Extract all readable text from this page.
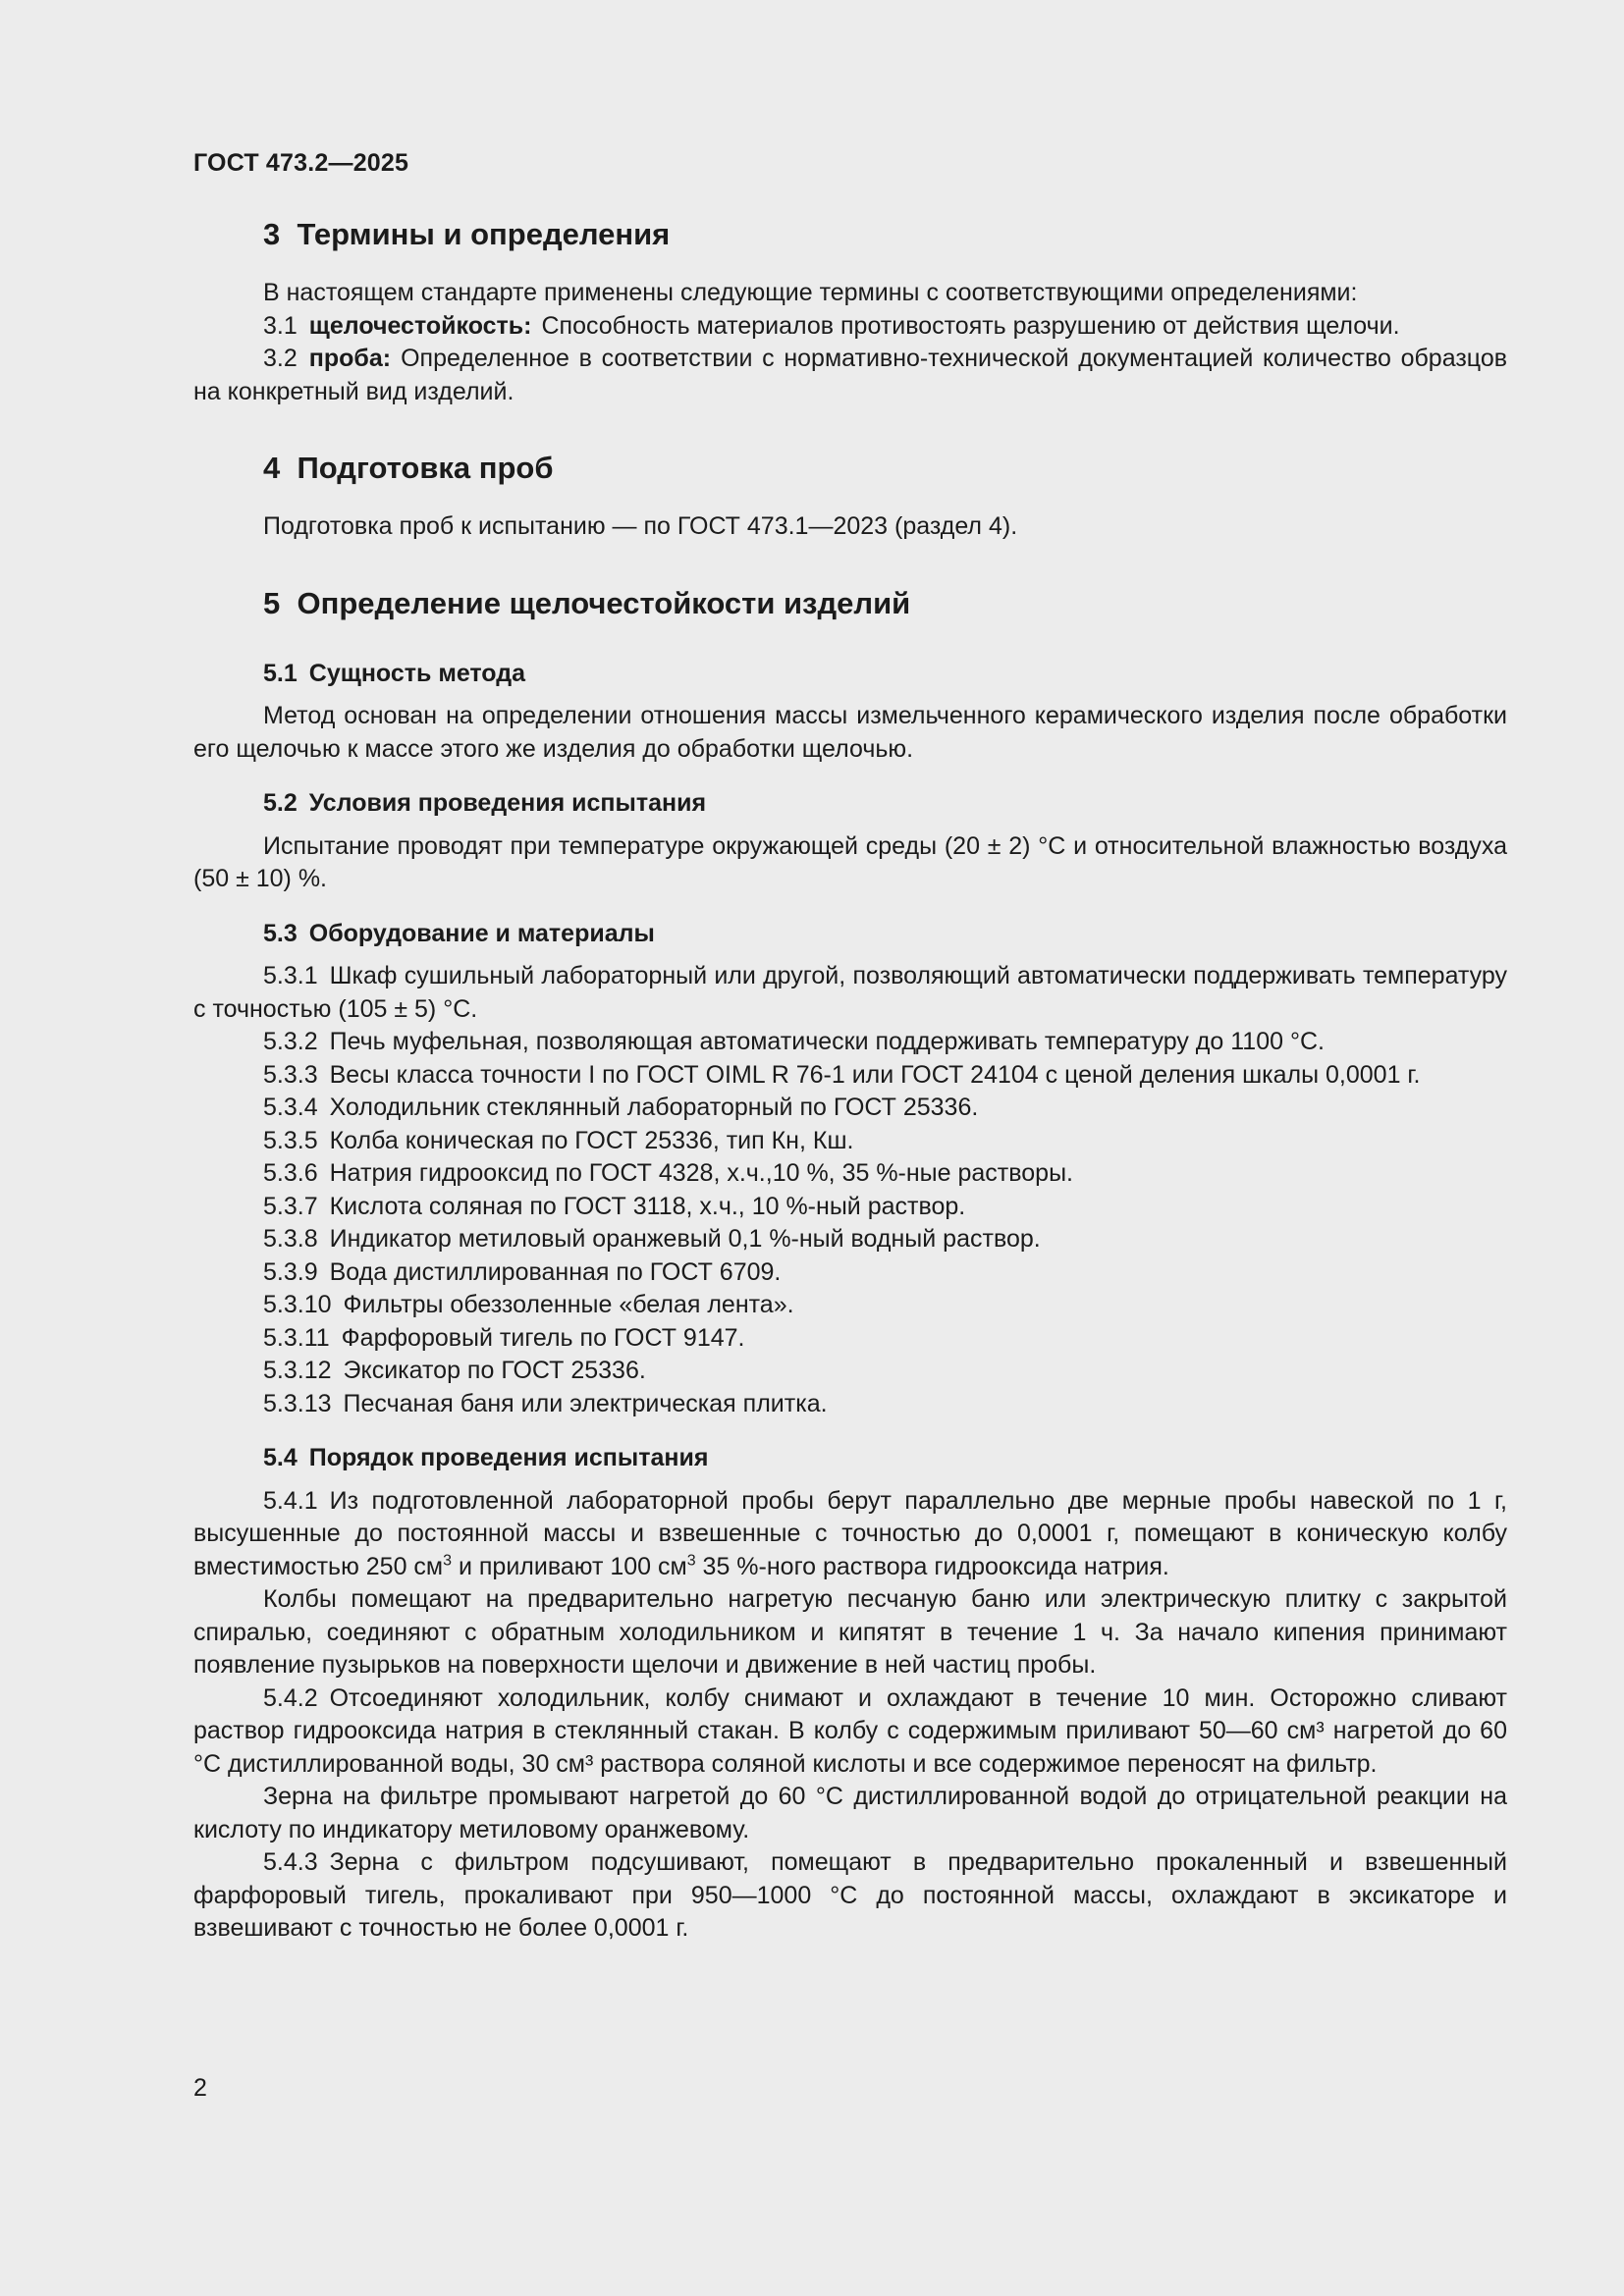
ГОСТ 473.2—2025
3 Термины и определения

В настоящем стандарте применены следующие термины с соответствующими определениями:

3.1 щелочестойкость: Способность материалов противостоять разрушению от действия щелочи.

3.2 проба: Определенное в соответствии с нормативно-технической документацией количество образцов на конкретный вид изделий.

4 Подготовка проб

Подготовка проб к испытанию — по ГОСТ 473.1—2023 (раздел 4).

5 Определение щелочестойкости изделий
5.1 Сущность метода

Метод основан на определении отношения массы измельченного керамического изделия после обработки его щелочью к массе этого же изделия до обработки щелочью.

5.2 Условия проведения испытания

Испытание проводят при температуре окружающей среды (20 ± 2) °С и относительной влажностью воздуха (50 ± 10) %.

5.3 Оборудование и материалы

5.3.1 Шкаф сушильный лабораторный или другой, позволяющий автоматически поддерживать температуру с точностью (105 ± 5) °С.

5.3.2 Печь муфельная, позволяющая автоматически поддерживать температуру до 1100 °С.

5.3.3 Весы класса точности I по ГОСТ OIML R 76-1 или ГОСТ 24104 с ценой деления шкалы 0,0001 г.

5.3.4 Холодильник стеклянный лабораторный по ГОСТ 25336.

5.3.5 Колба коническая по ГОСТ 25336, тип Кн, Кш.

5.3.6 Натрия гидрооксид по ГОСТ 4328, х.ч.,10 %, 35 %-ные растворы.

5.3.7 Кислота соляная по ГОСТ 3118, х.ч., 10 %-ный раствор.

5.3.8 Индикатор метиловый оранжевый 0,1 %-ный водный раствор.

5.3.9 Вода дистиллированная по ГОСТ 6709.

5.3.10 Фильтры обеззоленные «белая лента».

5.3.11 Фарфоровый тигель по ГОСТ 9147.

5.3.12 Эксикатор по ГОСТ 25336.

5.3.13 Песчаная баня или электрическая плитка.

5.4 Порядок проведения испытания

5.4.1 Из подготовленной лабораторной пробы берут параллельно две мерные пробы навеской по 1 г, высушенные до постоянной массы и взвешенные с точностью до 0,0001 г, помещают в коническую колбу вместимостью 250 $см^3$ и приливают 100 $см^3$ 35 %-ного раствора гидрооксида натрия.

Колбы помещают на предварительно нагретую песчаную баню или электрическую плитку с закрытой спиралью, соединяют с обратным холодильником и кипятят в течение 1 ч. За начало кипения принимают появление пузырьков на поверхности щелочи и движение в ней частиц пробы.

5.4.2 Отсоединяют холодильник, колбу снимают и охлаждают в течение 10 мин. Осторожно сливают раствор гидрооксида натрия в стеклянный стакан. В колбу с содержимым приливают 50—60 см³ нагретой до 60 °С дистиллированной воды, 30 см³ раствора соляной кислоты и все содержимое переносят на фильтр.

Зерна на фильтре промывают нагретой до 60 °С дистиллированной водой до отрицательной реакции на кислоту по индикатору метиловому оранжевому.

5.4.3 Зерна с фильтром подсушивают, помещают в предварительно прокаленный и взвешенный фарфоровый тигель, прокаливают при 950—1000 °С до постоянной массы, охлаждают в эксикаторе и взвешивают с точностью не более 0,0001 г.

2
